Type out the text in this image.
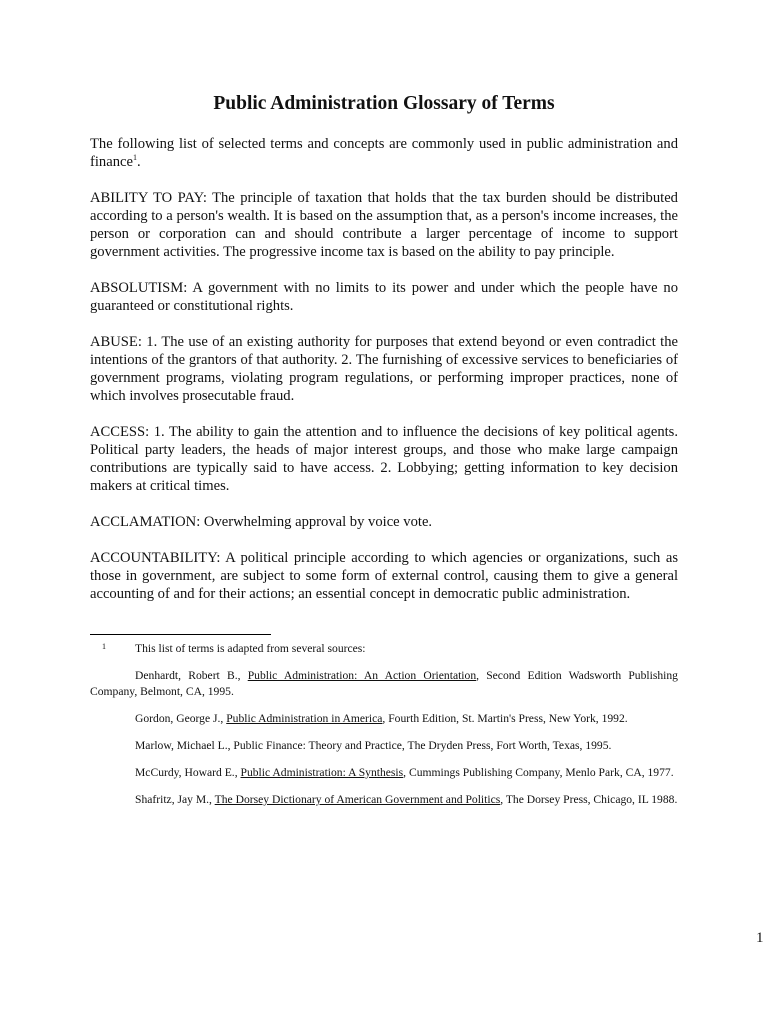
Public Administration Glossary of Terms

The following list of selected terms and concepts are commonly used in public administration and finance$^1$.

ABILITY TO PAY: The principle of taxation that holds that the tax burden should be distributed according to a person's wealth. It is based on the assumption that, as a person's income increases, the person or corporation can and should contribute a larger percentage of income to support government activities. The progressive income tax is based on the ability to pay principle.

ABSOLUTISM: A government with no limits to its power and under which the people have no guaranteed or constitutional rights.

ABUSE: 1. The use of an existing authority for purposes that extend beyond or even contradict the intentions of the grantors of that authority. 2. The furnishing of excessive services to beneficiaries of government programs, violating program regulations, or performing improper practices, none of which involves prosecutable fraud.

ACCESS: 1. The ability to gain the attention and to influence the decisions of key political agents. Political party leaders, the heads of major interest groups, and those who make large campaign contributions are typically said to have access. 2. Lobbying; getting information to key decision makers at critical times.

ACCLAMATION: Overwhelming approval by voice vote.

ACCOUNTABILITY: A political principle according to which agencies or organizations, such as those in government, are subject to some form of external control, causing them to give a general accounting of and for their actions; an essential concept in democratic public administration.

1	This list of terms is adapted from several sources:

Denhardt, Robert B., Public Administration: An Action Orientation, Second Edition Wadsworth Publishing Company, Belmont, CA, 1995.

Gordon, George J., Public Administration in America, Fourth Edition, St. Martin's Press, New York, 1992.

Marlow, Michael L., Public Finance: Theory and Practice, The Dryden Press, Fort Worth, Texas, 1995.

McCurdy, Howard E., Public Administration: A Synthesis, Cummings Publishing Company, Menlo Park, CA, 1977.

Shafritz, Jay M., The Dorsey Dictionary of American Government and Politics, The Dorsey Press, Chicago, IL 1988.

1
